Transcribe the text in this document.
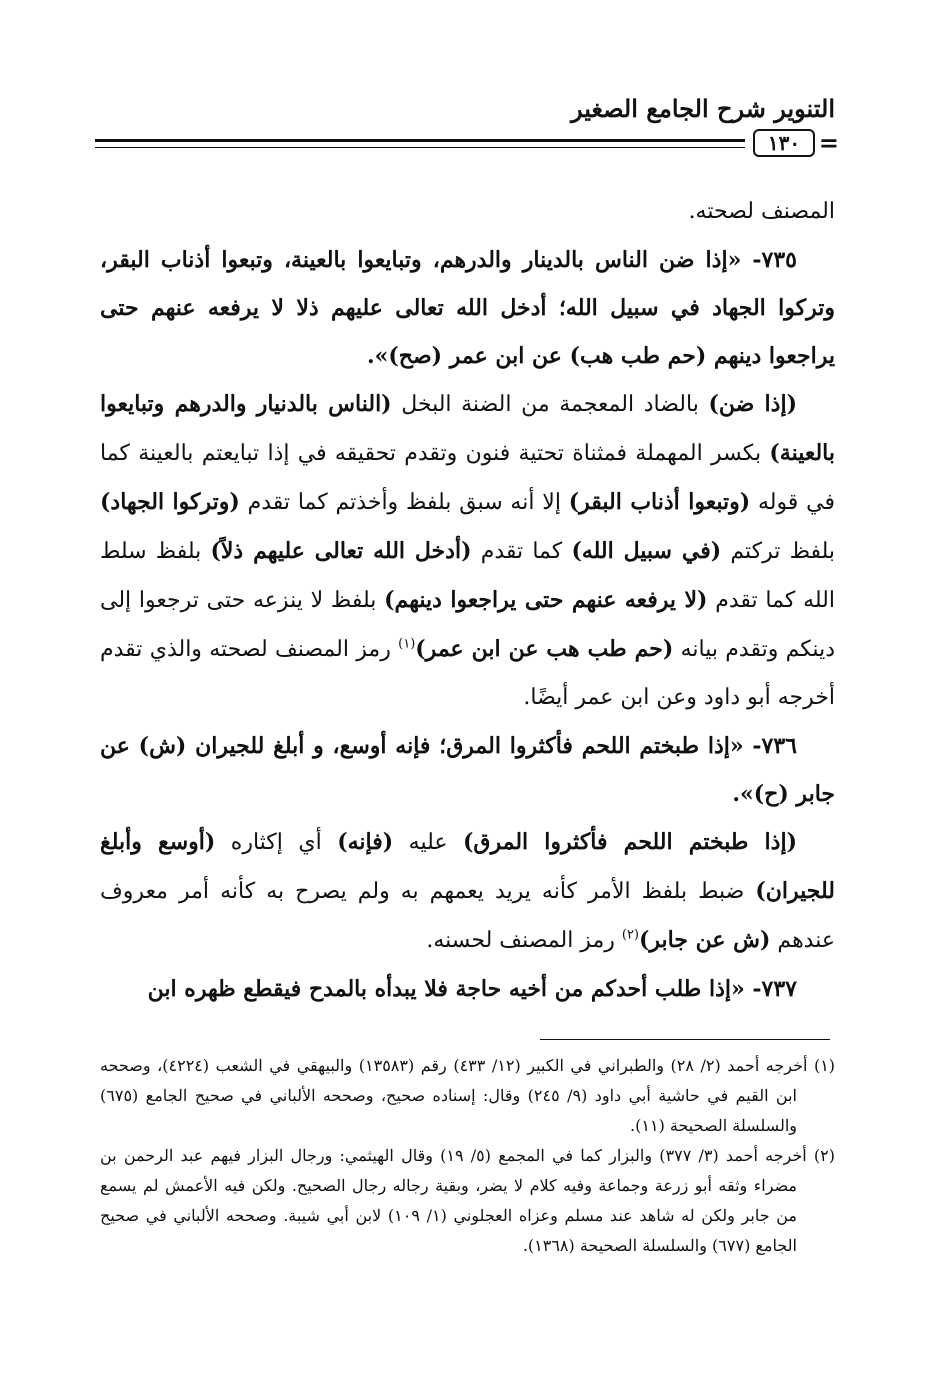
التنوير شرح الجامع الصغير
١٣٠ =

المصنف لصحته.

٧٣٥- «إذا ضن الناس بالدينار والدرهم، وتبايعوا بالعينة، وتبعوا أذناب البقر، وتركوا الجهاد في سبيل الله؛ أدخل الله تعالى عليهم ذلا لا يرفعه عنهم حتى يراجعوا دينهم (حم طب هب) عن ابن عمر (صح)».

(إذا ضن) بالضاد المعجمة من الضنة البخل (الناس بالدنيار والدرهم وتبايعوا بالعينة) بكسر المهملة فمثناة تحتية فنون وتقدم تحقيقه في إذا تبايعتم بالعينة كما في قوله (وتبعوا أذناب البقر) إلا أنه سبق بلفظ وأخذتم كما تقدم (وتركوا الجهاد) بلفظ تركتم (في سبيل الله) كما تقدم (أدخل الله تعالى عليهم ذلاً) بلفظ سلط الله كما تقدم (لا يرفعه عنهم حتى يراجعوا دينهم) بلفظ لا ينزعه حتى ترجعوا إلى دينكم وتقدم بيانه (حم طب هب عن ابن عمر)$^{(١)}$ رمز المصنف لصحته والذي تقدم أخرجه أبو داود وعن ابن عمر أيضًا.

٧٣٦- «إذا طبختم اللحم فأكثروا المرق؛ فإنه أوسع، و أبلغ للجيران (ش) عن جابر (ح)».

(إذا طبختم اللحم فأكثروا المرق) عليه (فإنه) أي إكثاره (أوسع وأبلغ للجيران) ضبط بلفظ الأمر كأنه يريد يعمهم به ولم يصرح به كأنه أمر معروف عندهم (ش عن جابر)$^{(٢)}$ رمز المصنف لحسنه.

٧٣٧- «إذا طلب أحدكم من أخيه حاجة فلا يبدأه بالمدح فيقطع ظهره ابن

(١) أخرجه أحمد (٢/ ٢٨) والطبراني في الكبير (١٢/ ٤٣٣) رقم (١٣٥٨٣) والبيهقي في الشعب (٤٢٢٤)، وصححه ابن القيم في حاشية أبي داود (٩/ ٢٤٥) وقال: إسناده صحيح، وصححه الألباني في صحيح الجامع (٦٧٥) والسلسلة الصحيحة (١١).

(٢) أخرجه أحمد (٣/ ٣٧٧) والبزار كما في المجمع (٥/ ١٩) وقال الهيثمي: ورجال البزار فيهم عبد الرحمن بن مضراء وثقه أبو زرعة وجماعة وفيه كلام لا يضر، وبقية رجاله رجال الصحيح. ولكن فيه الأعمش لم يسمع من جابر ولكن له شاهد عند مسلم وعزاه العجلوني (١/ ١٠٩) لابن أبي شيبة. وصححه الألباني في صحيح الجامع (٦٧٧) والسلسلة الصحيحة (١٣٦٨).
